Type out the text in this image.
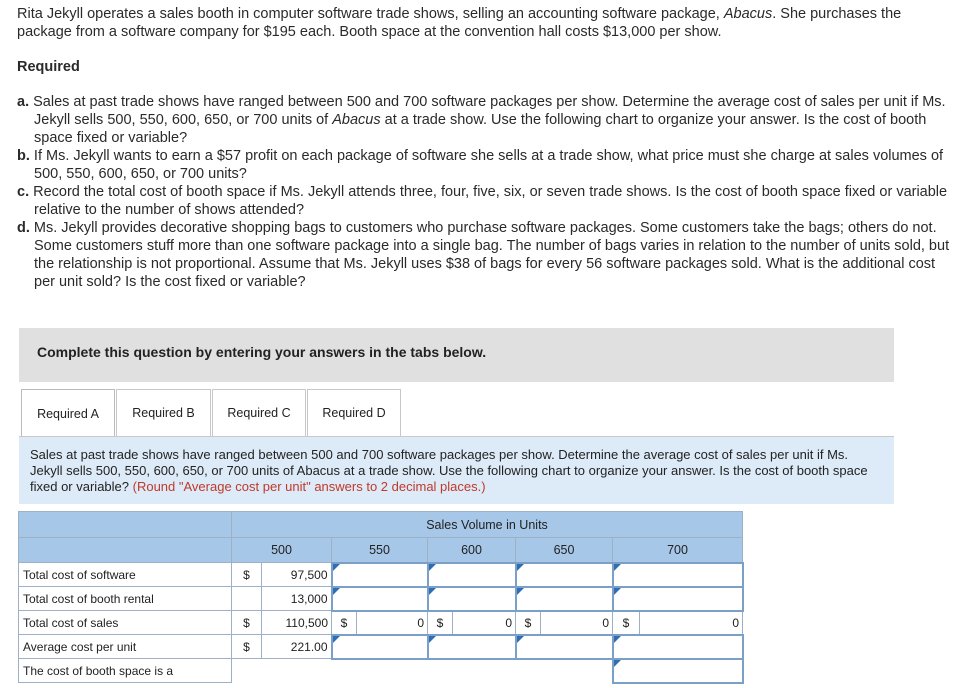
Rita Jekyll operates a sales booth in computer software trade shows, selling an accounting software package, Abacus. She purchases the package from a software company for $195 each. Booth space at the convention hall costs $13,000 per show.
Required
a. Sales at past trade shows have ranged between 500 and 700 software packages per show. Determine the average cost of sales per unit if Ms. Jekyll sells 500, 550, 600, 650, or 700 units of Abacus at a trade show. Use the following chart to organize your answer. Is the cost of booth space fixed or variable?
b. If Ms. Jekyll wants to earn a $57 profit on each package of software she sells at a trade show, what price must she charge at sales volumes of 500, 550, 600, 650, or 700 units?
c. Record the total cost of booth space if Ms. Jekyll attends three, four, five, six, or seven trade shows. Is the cost of booth space fixed or variable relative to the number of shows attended?
d. Ms. Jekyll provides decorative shopping bags to customers who purchase software packages. Some customers take the bags; others do not. Some customers stuff more than one software package into a single bag. The number of bags varies in relation to the number of units sold, but the relationship is not proportional. Assume that Ms. Jekyll uses $38 of bags for every 56 software packages sold. What is the additional cost per unit sold? Is the cost fixed or variable?
Complete this question by entering your answers in the tabs below.
Required A	Required B	Required C	Required D

Sales at past trade shows have ranged between 500 and 700 software packages per show. Determine the average cost of sales per unit if Ms. Jekyll sells 500, 550, 600, 650, or 700 units of Abacus at a trade show. Use the following chart to organize your answer. Is the cost of booth space fixed or variable? (Round "Average cost per unit" answers to 2 decimal places.)

	Sales Volume in Units									
	500		550		600		650		700	
Total cost of software	$	97,500								
Total cost of booth rental		13,000								
Total cost of sales	$	110,500	$	0	$	0	$	0	$	0
Average cost per unit	$	221.00								
The cost of booth space is a										
